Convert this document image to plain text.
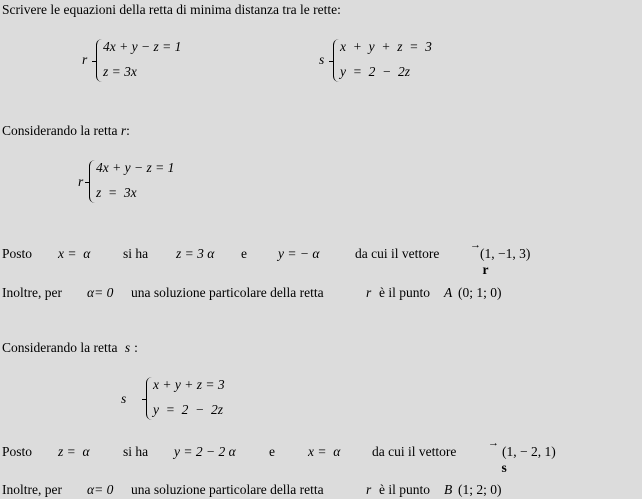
Scrivere le equazioni della retta di minima distanza tra le rette:
r
4x + y − z = 1
z = 3x
s
x  +  y  +  z  =  3
y  =  2  −  2z
Considerando la retta r:
r
4x + y − z = 1
z  =  3x
Posto x =  α si ha z = 3 α e y = − α	da cui il vettore

→
r

(1, −1, 3)
Inoltre, per α= 0 una soluzione particolare della retta	r è il punto A (0; 1; 0)
Considerando la retta s :
s
x + y + z = 3
y  =  2  −  2z
Posto z =  α si ha y = 2 − 2 α e x =  α da cui il vettore

→
s

(1, − 2, 1)
Inoltre, per α= 0 una soluzione particolare della retta	r è il punto B (1; 2; 0)
